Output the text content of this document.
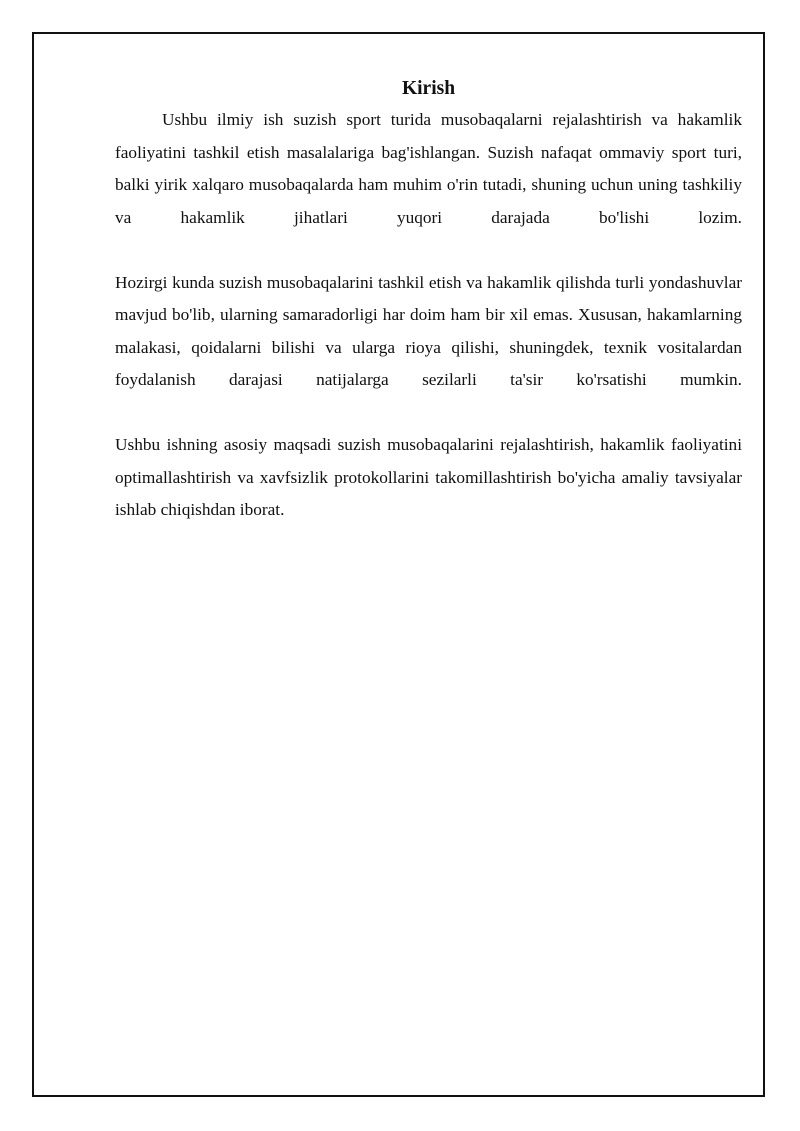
Kirish

Ushbu ilmiy ish suzish sport turida musobaqalarni rejalashtirish va hakamlik faoliyatini tashkil etish masalalariga bag'ishlangan. Suzish nafaqat ommaviy sport turi, balki yirik xalqaro musobaqalarda ham muhim o'rin tutadi, shuning uchun uning tashkiliy va hakamlik jihatlari yuqori darajada bo'lishi lozim.

Hozirgi kunda suzish musobaqalarini tashkil etish va hakamlik qilishda turli yondashuvlar mavjud bo'lib, ularning samaradorligi har doim ham bir xil emas. Xususan, hakamlarning malakasi, qoidalarni bilishi va ularga rioya qilishi, shuningdek, texnik vositalardan foydalanish darajasi natijalarga sezilarli ta'sir ko'rsatishi mumkin.

Ushbu ishning asosiy maqsadi suzish musobaqalarini rejalashtirish, hakamlik faoliyatini optimallashtirish va xavfsizlik protokollarini takomillashtirish bo'yicha amaliy tavsiyalar ishlab chiqishdan iborat.
